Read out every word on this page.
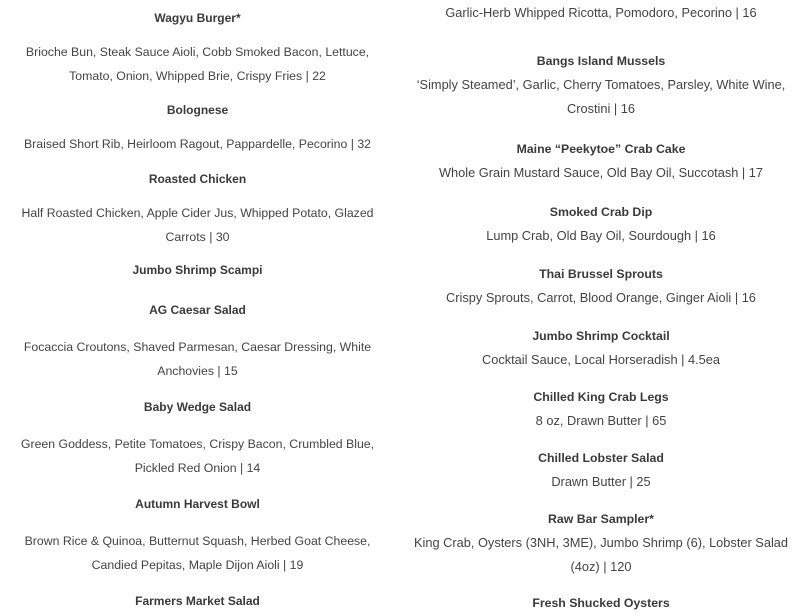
Wagyu Burger*
Brioche Bun, Steak Sauce Aioli, Cobb Smoked Bacon, Lettuce, Tomato, Onion, Whipped Brie, Crispy Fries | 22
Bolognese
Braised Short Rib, Heirloom Ragout, Pappardelle, Pecorino | 32
Roasted Chicken
Half Roasted Chicken, Apple Cider Jus, Whipped Potato, Glazed Carrots | 30
Jumbo Shrimp Scampi
AG Caesar Salad
Focaccia Croutons, Shaved Parmesan, Caesar Dressing, White Anchovies | 15
Baby Wedge Salad
Green Goddess, Petite Tomatoes, Crispy Bacon, Crumbled Blue, Pickled Red Onion | 14
Autumn Harvest Bowl
Brown Rice & Quinoa, Butternut Squash, Herbed Goat Cheese, Candied Pepitas, Maple Dijon Aioli | 19
Farmers Market Salad
Garlic-Herb Whipped Ricotta, Pomodoro, Pecorino | 16
Bangs Island Mussels
‘Simply Steamed’, Garlic, Cherry Tomatoes, Parsley, White Wine, Crostini | 16
Maine “Peekytoe” Crab Cake
Whole Grain Mustard Sauce, Old Bay Oil, Succotash | 17
Smoked Crab Dip
Lump Crab, Old Bay Oil, Sourdough | 16
Thai Brussel Sprouts
Crispy Sprouts, Carrot, Blood Orange, Ginger Aioli | 16
Jumbo Shrimp Cocktail
Cocktail Sauce, Local Horseradish | 4.5ea
Chilled King Crab Legs
8 oz, Drawn Butter | 65
Chilled Lobster Salad
Drawn Butter | 25
Raw Bar Sampler*
King Crab, Oysters (3NH, 3ME), Jumbo Shrimp (6), Lobster Salad (4oz) | 120
Fresh Shucked Oysters
